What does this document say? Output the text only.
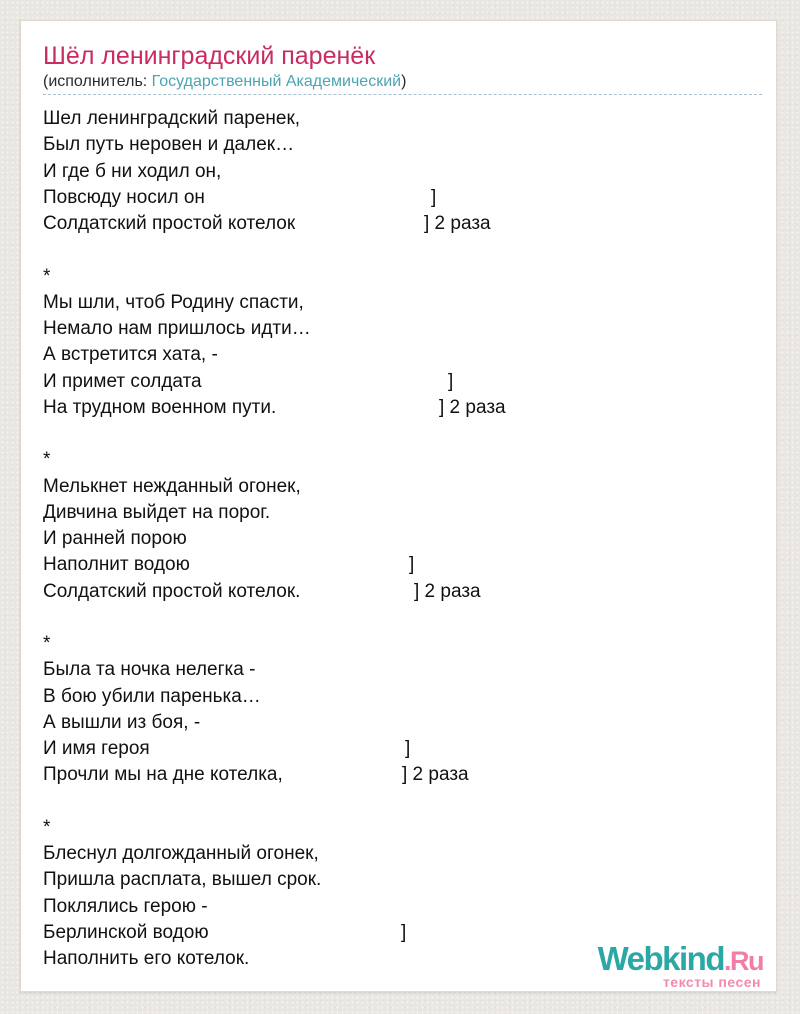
Шёл ленинградский паренёк
(исполнитель: Государственный Академический)
Шел ленинградский паренек,
Был путь неровен и далек…
И где б ни ходил он,
Повсюду носил он	]
Солдатский простой котелок	] 2 раза
*
Мы шли, чтоб Родину спасти,
Немало нам пришлось идти…
А встретится хата, -
И примет солдата	]
На трудном военном пути.	] 2 раза
*
Мелькнет нежданный огонек,
Дивчина выйдет на порог.
И ранней порою
Наполнит водою	]
Солдатский простой котелок.	] 2 раза
*
Была та ночка нелегка -
В бою убили паренька…
А вышли из боя, -
И имя героя	]
Прочли мы на дне котелка,	] 2 раза
*
Блеснул долгожданный огонек,
Пришла расплата, вышел срок.
Поклялись герою -
Берлинской водою	]
Наполнить его котелок.	Webkind.Ru
тексты песен
